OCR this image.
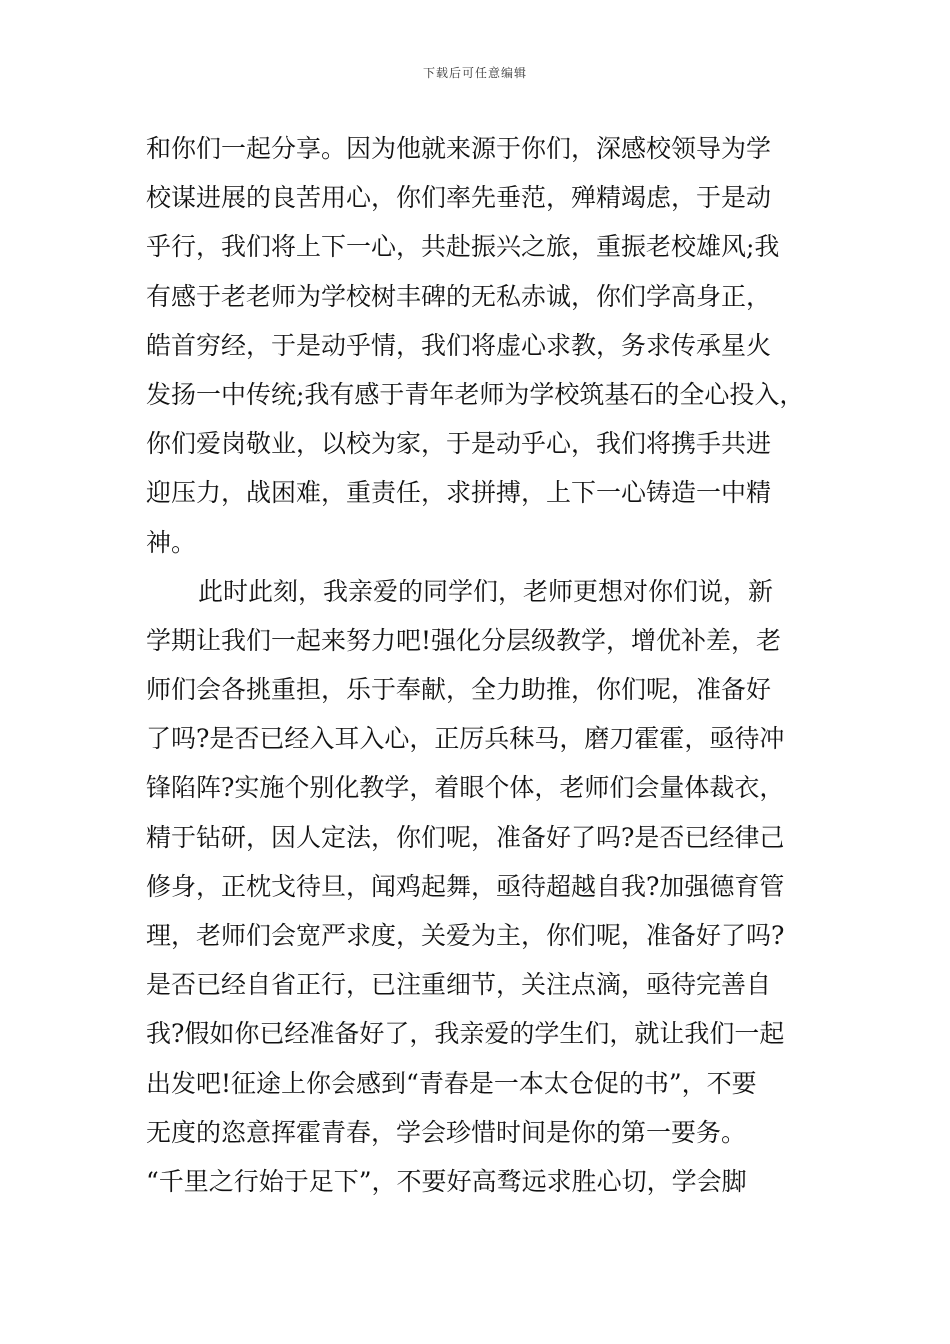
下载后可任意编辑
和你们一起分享。因为他就来源于你们，深感校领导为学
校谋进展的良苦用心，你们率先垂范，殚精竭虑，于是动
乎行，我们将上下一心，共赴振兴之旅，重振老校雄风;我
有感于老老师为学校树丰碑的无私赤诚，你们学高身正，
皓首穷经，于是动乎情，我们将虚心求教，务求传承星火
发扬一中传统;我有感于青年老师为学校筑基石的全心投入，
你们爱岗敬业，以校为家，于是动乎心，我们将携手共进
迎压力，战困难，重责任，求拼搏，上下一心铸造一中精
神。
此时此刻，我亲爱的同学们，老师更想对你们说，新
学期让我们一起来努力吧!强化分层级教学，增优补差，老
师们会各挑重担，乐于奉献，全力助推，你们呢，准备好
了吗?是否已经入耳入心，正厉兵秣马，磨刀霍霍，亟待冲
锋陷阵?实施个别化教学，着眼个体，老师们会量体裁衣，
精于钻研，因人定法，你们呢，准备好了吗?是否已经律己
修身，正枕戈待旦，闻鸡起舞，亟待超越自我?加强德育管
理，老师们会宽严求度，关爱为主，你们呢，准备好了吗?
是否已经自省正行，已注重细节，关注点滴，亟待完善自
我?假如你已经准备好了，我亲爱的学生们，就让我们一起
出发吧!征途上你会感到“青春是一本太仓促的书”，不要
无度的恣意挥霍青春，学会珍惜时间是你的第一要务。
“千里之行始于足下”，不要好高骛远求胜心切，学会脚
